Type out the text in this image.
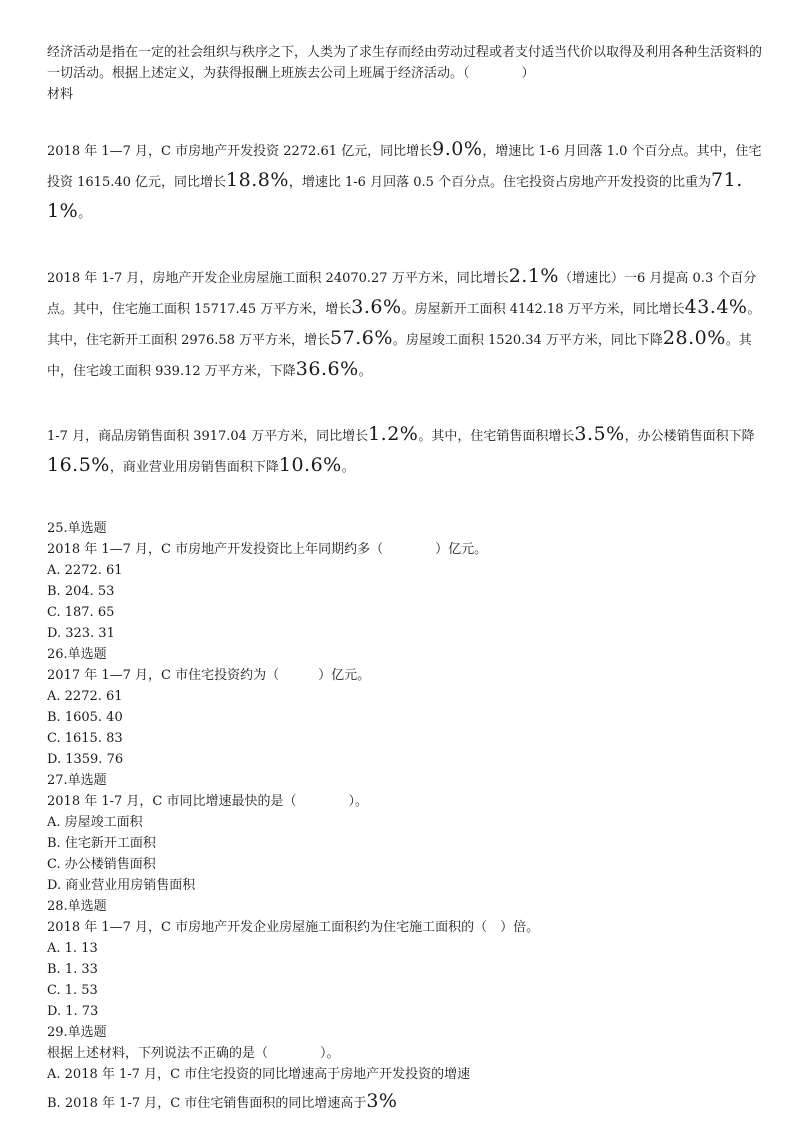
经济活动是指在一定的社会组织与秩序之下，人类为了求生存而经由劳动过程或者支付适当代价以取得及利用各种生活资料的一切活动。根据上述定义，为获得报酬上班族去公司上班属于经济活动。（　　　　）

材料

2018 年 1—7 月，C 市房地产开发投资 2272.61 亿元，同比增长9.0%，增速比 1-6 月回落 1.0 个百分点。其中，住宅投资 1615.40 亿元，同比增长18.8%，增速比 1-6 月回落 0.5 个百分点。住宅投资占房地产开发投资的比重为71.1%。

2018 年 1-7 月，房地产开发企业房屋施工面积 24070.27 万平方米，同比增长2.1%（增速比）一6 月提高 0.3 个百分点。其中，住宅施工面积 15717.45 万平方米，增长3.6%。房屋新开工面积 4142.18 万平方米，同比增长43.4%。其中，住宅新开工面积 2976.58 万平方米，增长57.6%。房屋竣工面积 1520.34 万平方米，同比下降28.0%。其中，住宅竣工面积 939.12 万平方米，下降36.6%。

1-7 月，商品房销售面积 3917.04 万平方米，同比增长1.2%。其中，住宅销售面积增长3.5%，办公楼销售面积下降16.5%，商业营业用房销售面积下降10.6%。

25.单选题

2018 年 1—7 月，C 市房地产开发投资比上年同期约多（　　　　）亿元。

A. 2272. 61

B. 204. 53

C. 187. 65

D. 323. 31

26.单选题

2017 年 1—7 月，C 市住宅投资约为（　　　）亿元。

A. 2272. 61

B. 1605. 40

C. 1615. 83

D. 1359. 76

27.单选题

2018 年 1-7 月，C 市同比增速最快的是（　　　　）。

A. 房屋竣工面积

B. 住宅新开工面积

C. 办公楼销售面积

D. 商业营业用房销售面积

28.单选题

2018 年 1—7 月，C 市房地产开发企业房屋施工面积约为住宅施工面积的（　）倍。

A. 1. 13

B. 1. 33

C. 1. 53

D. 1. 73

29.单选题

根据上述材料，下列说法不正确的是（　　　　）。

A. 2018 年 1-7 月，C 市住宅投资的同比增速高于房地产开发投资的增速

B. 2018 年 1-7 月，C 市住宅销售面积的同比增速高于3%
